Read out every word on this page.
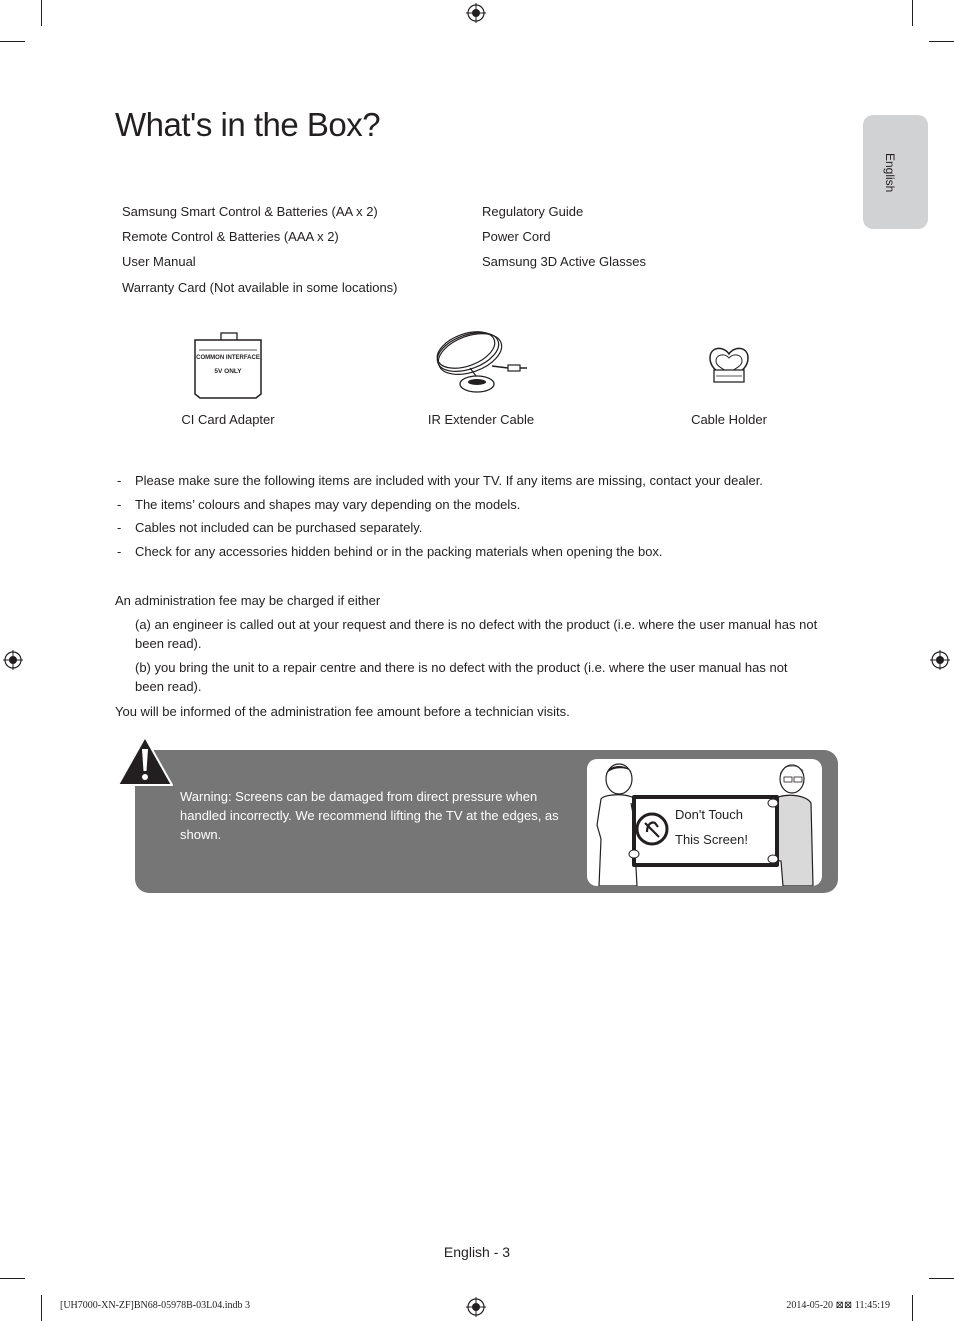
What's in the Box?
English
Samsung Smart Control & Batteries (AA x 2)
Remote Control & Batteries (AAA x 2)
User Manual
Warranty Card (Not available in some locations)
Regulatory Guide
Power Cord
Samsung 3D Active Glasses
COMMON INTERFACE
5V ONLY
CI Card Adapter	IR Extender Cable	Cable Holder
- Please make sure the following items are included with your TV. If any items are missing, contact your dealer.
- The items’ colours and shapes may vary depending on the models.
- Cables not included can be purchased separately.
- Check for any accessories hidden behind or in the packing materials when opening the box.
An administration fee may be charged if either
(a) an engineer is called out at your request and there is no defect with the product (i.e. where the user manual has not been read).
(b) you bring the unit to a repair centre and there is no defect with the product (i.e. where the user manual has not been read).
You will be informed of the administration fee amount before a technician visits.
Warning: Screens can be damaged from direct pressure when handled incorrectly. We recommend lifting the TV at the edges, as shown.
Don't Touch
This Screen!
English - 3
[UH7000-XN-ZF]BN68-05978B-03L04.indb 3	2014-05-20 ⊠⊠ 11:45:19
